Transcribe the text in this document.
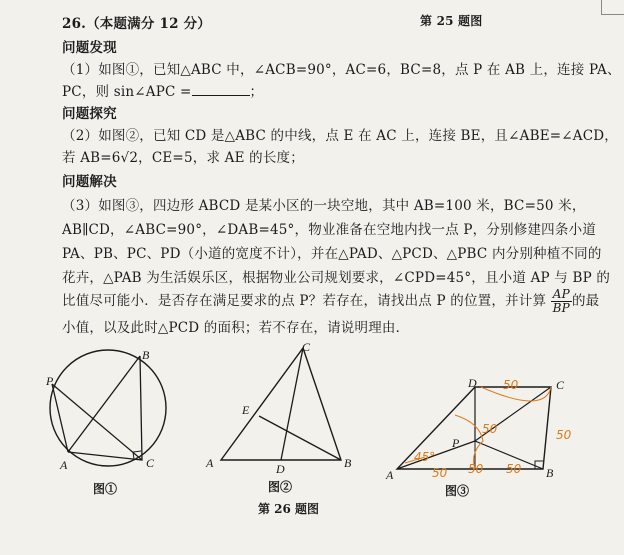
26.（本题满分 12 分）	第 25 题图
问题发现
（1）如图①，已知△ABC 中，∠ACB=90°，AC=6，BC=8，点 P 在 AB 上，连接 PA、
PC，则 sin∠APC =	；
问题探究
（2）如图②，已知 CD 是△ABC 的中线，点 E 在 AC 上，连接 BE，且∠ABE=∠ACD，
若 AB=6√2，CE=5，求 AE 的长度；
问题解决
（3）如图③，四边形 ABCD 是某小区的一块空地，其中 AB=100 米，BC=50 米，
AB∥CD，∠ABC=90°，∠DAB=45°，物业准备在空地内找一点 P，分别修建四条小道
PA、PB、PC、PD（小道的宽度不计），并在△PAD、△PCD、△PBC 内分别种植不同的
花卉，△PAB 为生活娱乐区，根据物业公司规划要求，∠CPD=45°，且小道 AP 与 BP 的
比值尽可能小．是否存在满足要求的点 P？若存在，请找出点 P 的位置，并计算 $\frac{AP}{BP}$ 的最
小值，以及此时△PCD 的面积；若不存在，请说明理由．
P
B
A	C
图①
C
E
A	D	B
图②
D	C
P
A	B
50
50	50
50 50
45°
50
图③
第 26 题图
